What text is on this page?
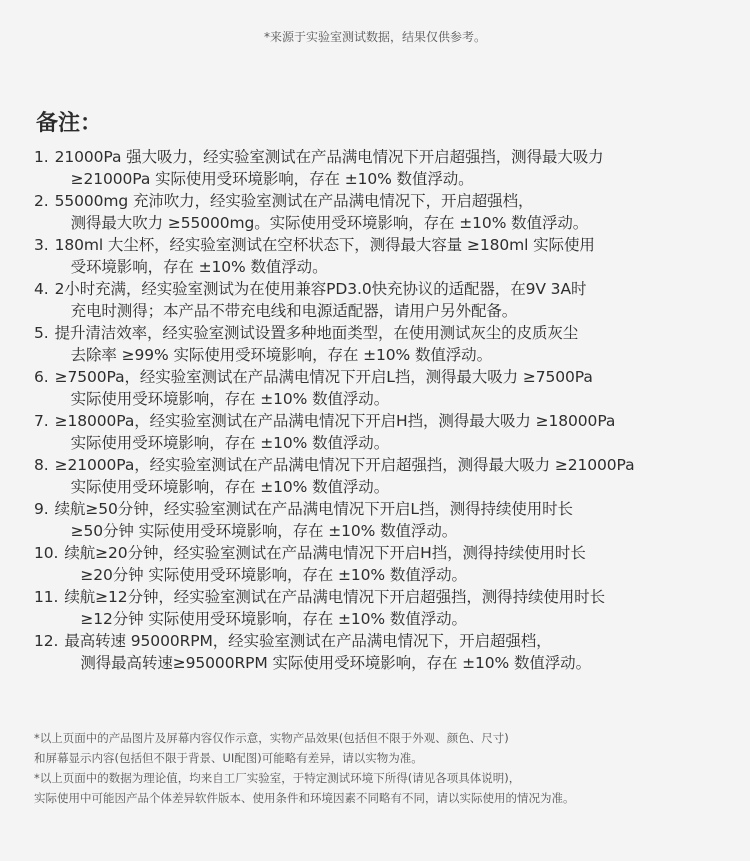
*来源于实验室测试数据，结果仅供参考。
备注：
1. 21000Pa 强大吸力，经实验室测试在产品满电情况下开启超强挡，测得最大吸力
≥21000Pa 实际使用受环境影响，存在 ±10% 数值浮动。
2. 55000mg 充沛吹力，经实验室测试在产品满电情况下，开启超强档，
测得最大吹力 ≥55000mg。实际使用受环境影响，存在 ±10% 数值浮动。
3. 180ml 大尘杯，经实验室测试在空杯状态下，测得最大容量 ≥180ml 实际使用
受环境影响，存在 ±10% 数值浮动。
4. 2小时充满，经实验室测试为在使用兼容PD3.0快充协议的适配器，在9V 3A时
充电时测得；本产品不带充电线和电源适配器，请用户另外配备。
5. 提升清洁效率，经实验室测试设置多种地面类型，在使用测试灰尘的皮质灰尘
去除率 ≥99% 实际使用受环境影响，存在 ±10% 数值浮动。
6. ≥7500Pa，经实验室测试在产品满电情况下开启L挡，测得最大吸力 ≥7500Pa
实际使用受环境影响，存在 ±10% 数值浮动。
7. ≥18000Pa，经实验室测试在产品满电情况下开启H挡，测得最大吸力 ≥18000Pa
实际使用受环境影响，存在 ±10% 数值浮动。
8. ≥21000Pa，经实验室测试在产品满电情况下开启超强挡，测得最大吸力 ≥21000Pa
实际使用受环境影响，存在 ±10% 数值浮动。
9. 续航≥50分钟，经实验室测试在产品满电情况下开启L挡，测得持续使用时长
≥50分钟 实际使用受环境影响，存在 ±10% 数值浮动。
10. 续航≥20分钟，经实验室测试在产品满电情况下开启H挡，测得持续使用时长
≥20分钟 实际使用受环境影响，存在 ±10% 数值浮动。
11. 续航≥12分钟，经实验室测试在产品满电情况下开启超强挡，测得持续使用时长
≥12分钟 实际使用受环境影响，存在 ±10% 数值浮动。
12. 最高转速 95000RPM，经实验室测试在产品满电情况下，开启超强档，
测得最高转速≥95000RPM 实际使用受环境影响，存在 ±10% 数值浮动。
*以上页面中的产品图片及屏幕内容仅作示意，实物产品效果(包括但不限于外观、颜色、尺寸)
和屏幕显示内容(包括但不限于背景、UI配图)可能略有差异，请以实物为准。
*以上页面中的数据为理论值，均来自工厂实验室，于特定测试环境下所得(请见各项具体说明)，
实际使用中可能因产品个体差异软件版本、使用条件和环境因素不同略有不同，请以实际使用的情况为准。
